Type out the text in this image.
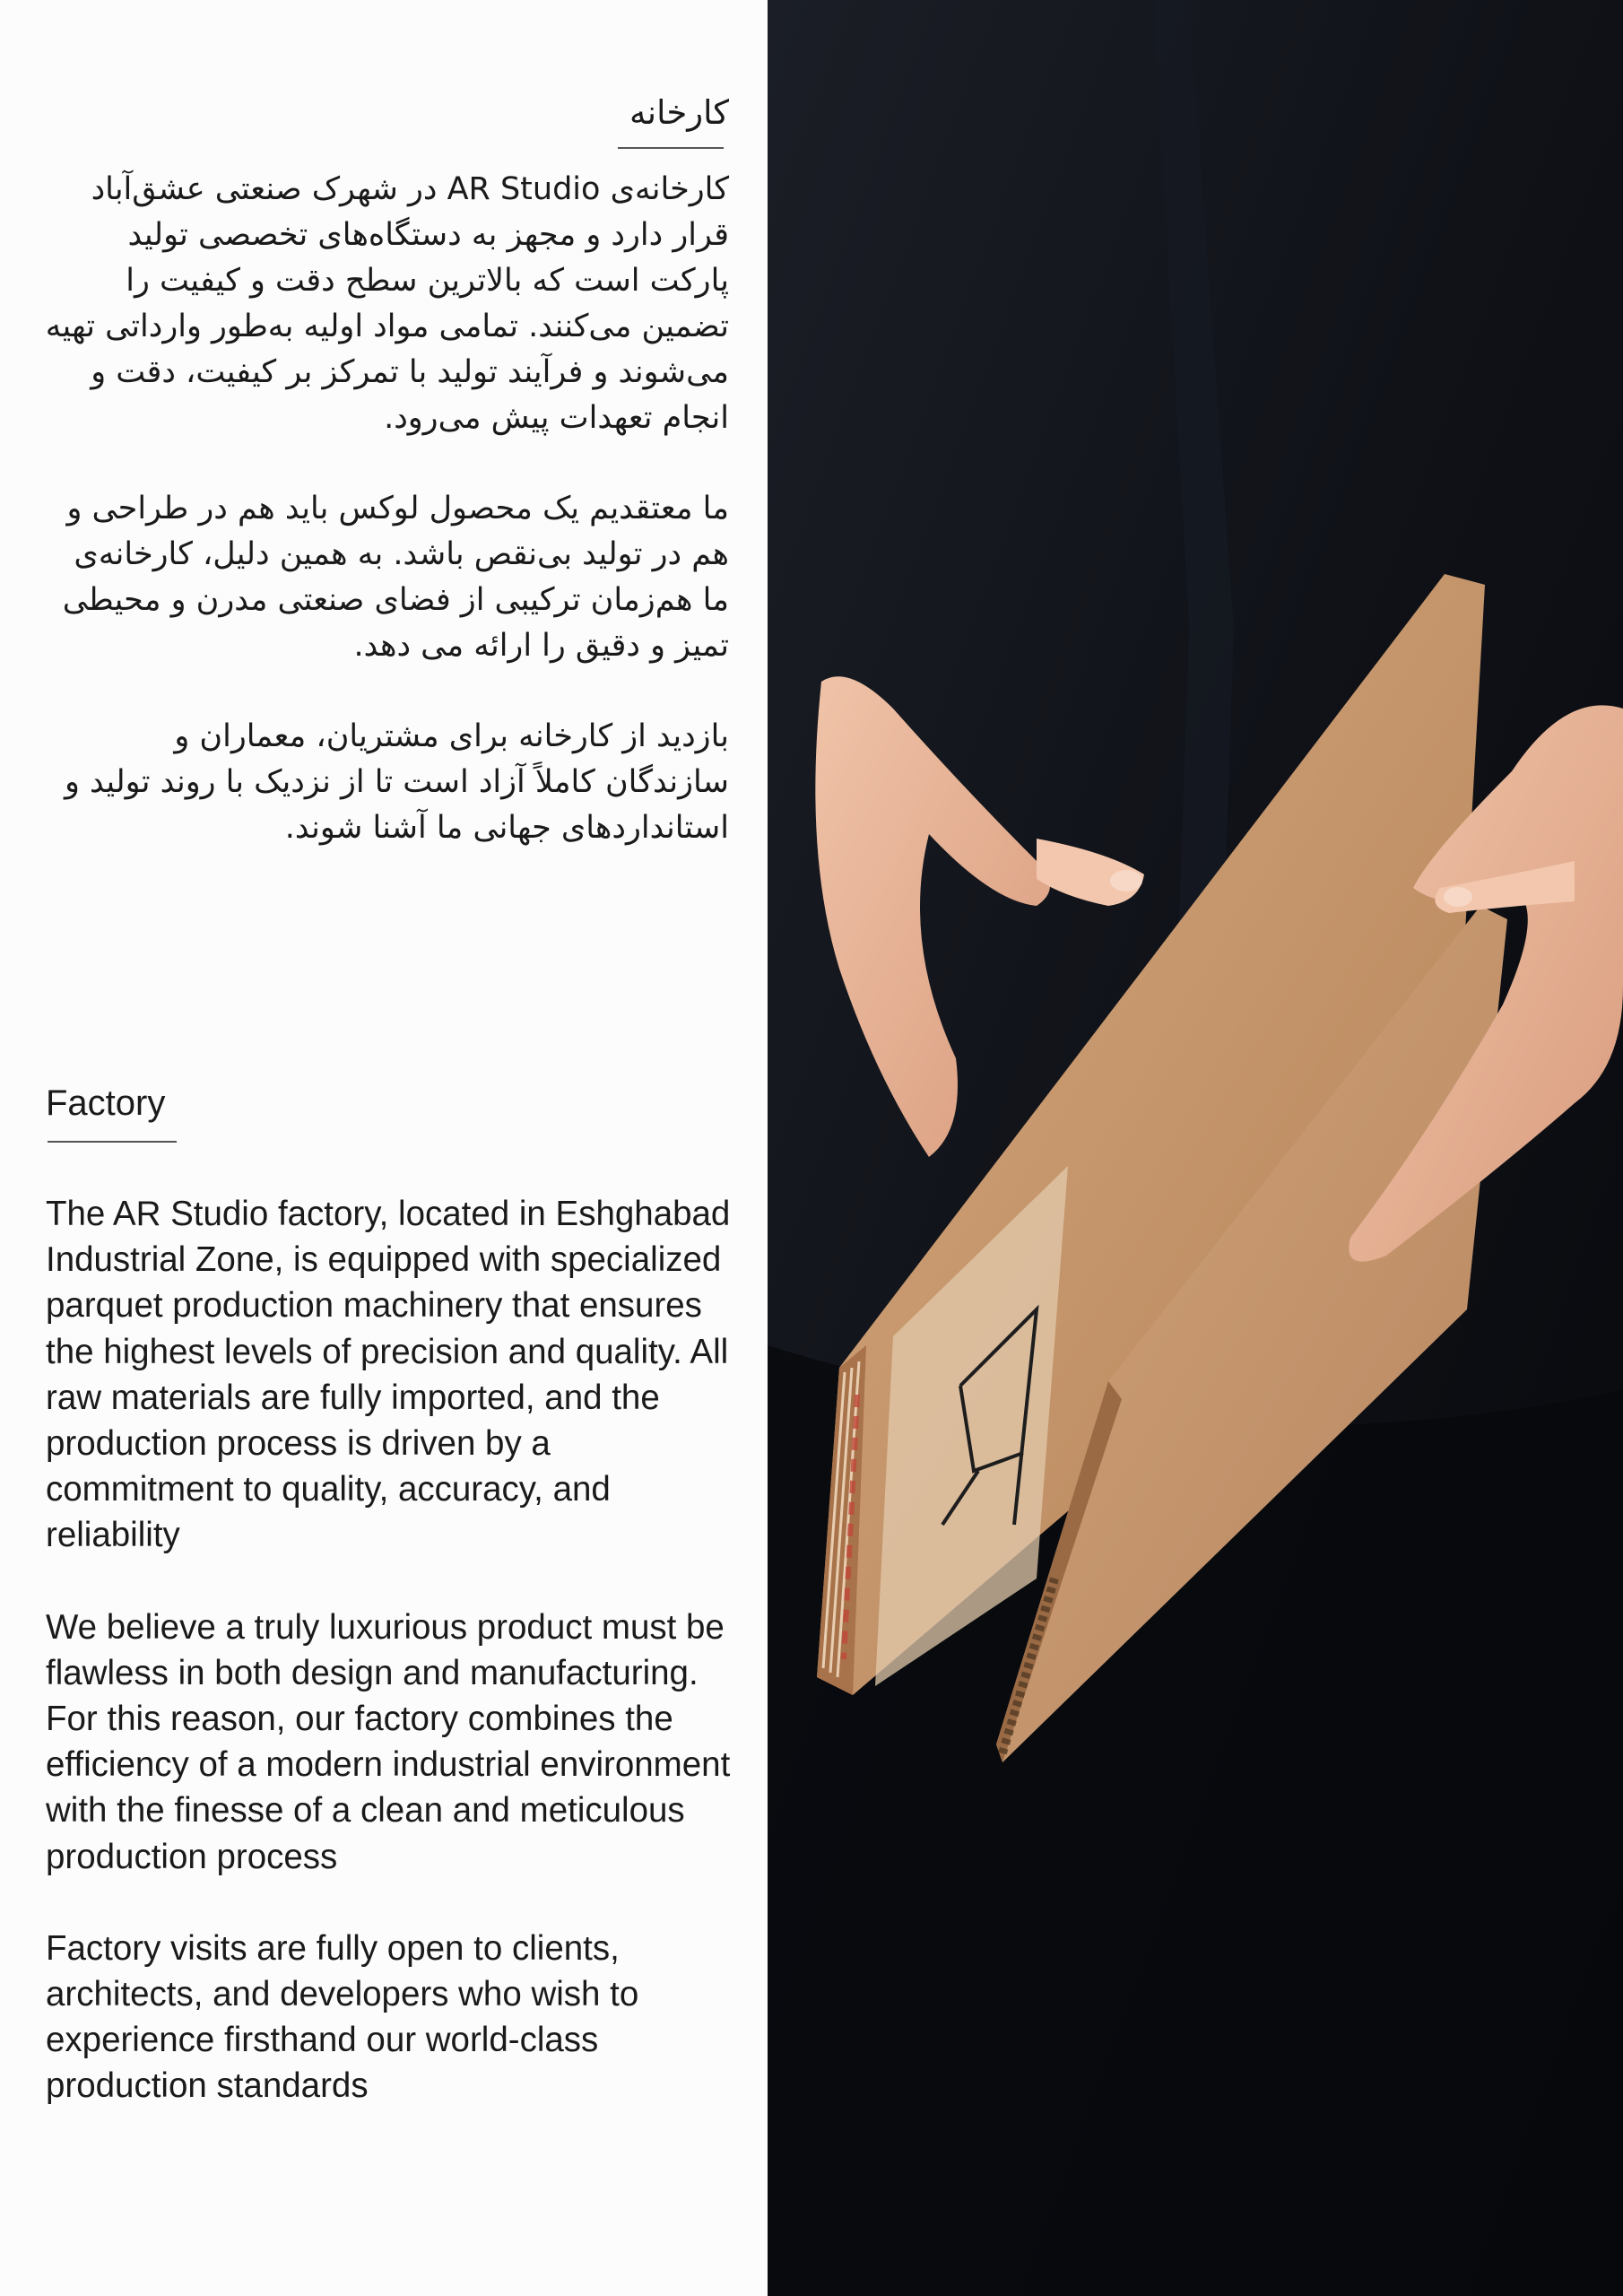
کارخانه

کارخانه‌ی AR Studio در شهرک صنعتی عشق‌آباد قرار دارد و مجهز به دستگاه‌های تخصصی تولید پارکت است که بالاترین سطح دقت و کیفیت را تضمین می‌کنند. تمامی مواد اولیه به‌طور وارداتی تهیه می‌شوند و فرآیند تولید با تمرکز بر کیفیت، دقت و انجام تعهدات پیش می‌رود.

ما معتقدیم یک محصول لوکس باید هم در طراحی و هم در تولید بی‌نقص باشد. به همین دلیل، کارخانه‌ی ما هم‌زمان ترکیبی از فضای صنعتی مدرن و محیطی تمیز و دقیق را ارائه می دهد.

بازدید از کارخانه برای مشتریان، معماران و سازندگان کاملاً آزاد است تا از نزدیک با روند تولید و استانداردهای جهانی ما آشنا شوند.

Factory

The AR Studio factory, located in Eshghabad Industrial Zone, is equipped with specialized parquet production machinery that ensures the highest levels of precision and quality. All raw materials are fully imported, and the production process is driven by a commitment to quality, accuracy, and reliability

We believe a truly luxurious product must be flawless in both design and manufacturing. For this reason, our factory combines the efficiency of a modern industrial environment with the finesse of a clean and meticulous production process

Factory visits are fully open to clients, architects, and developers who wish to experience firsthand our world-class production standards
